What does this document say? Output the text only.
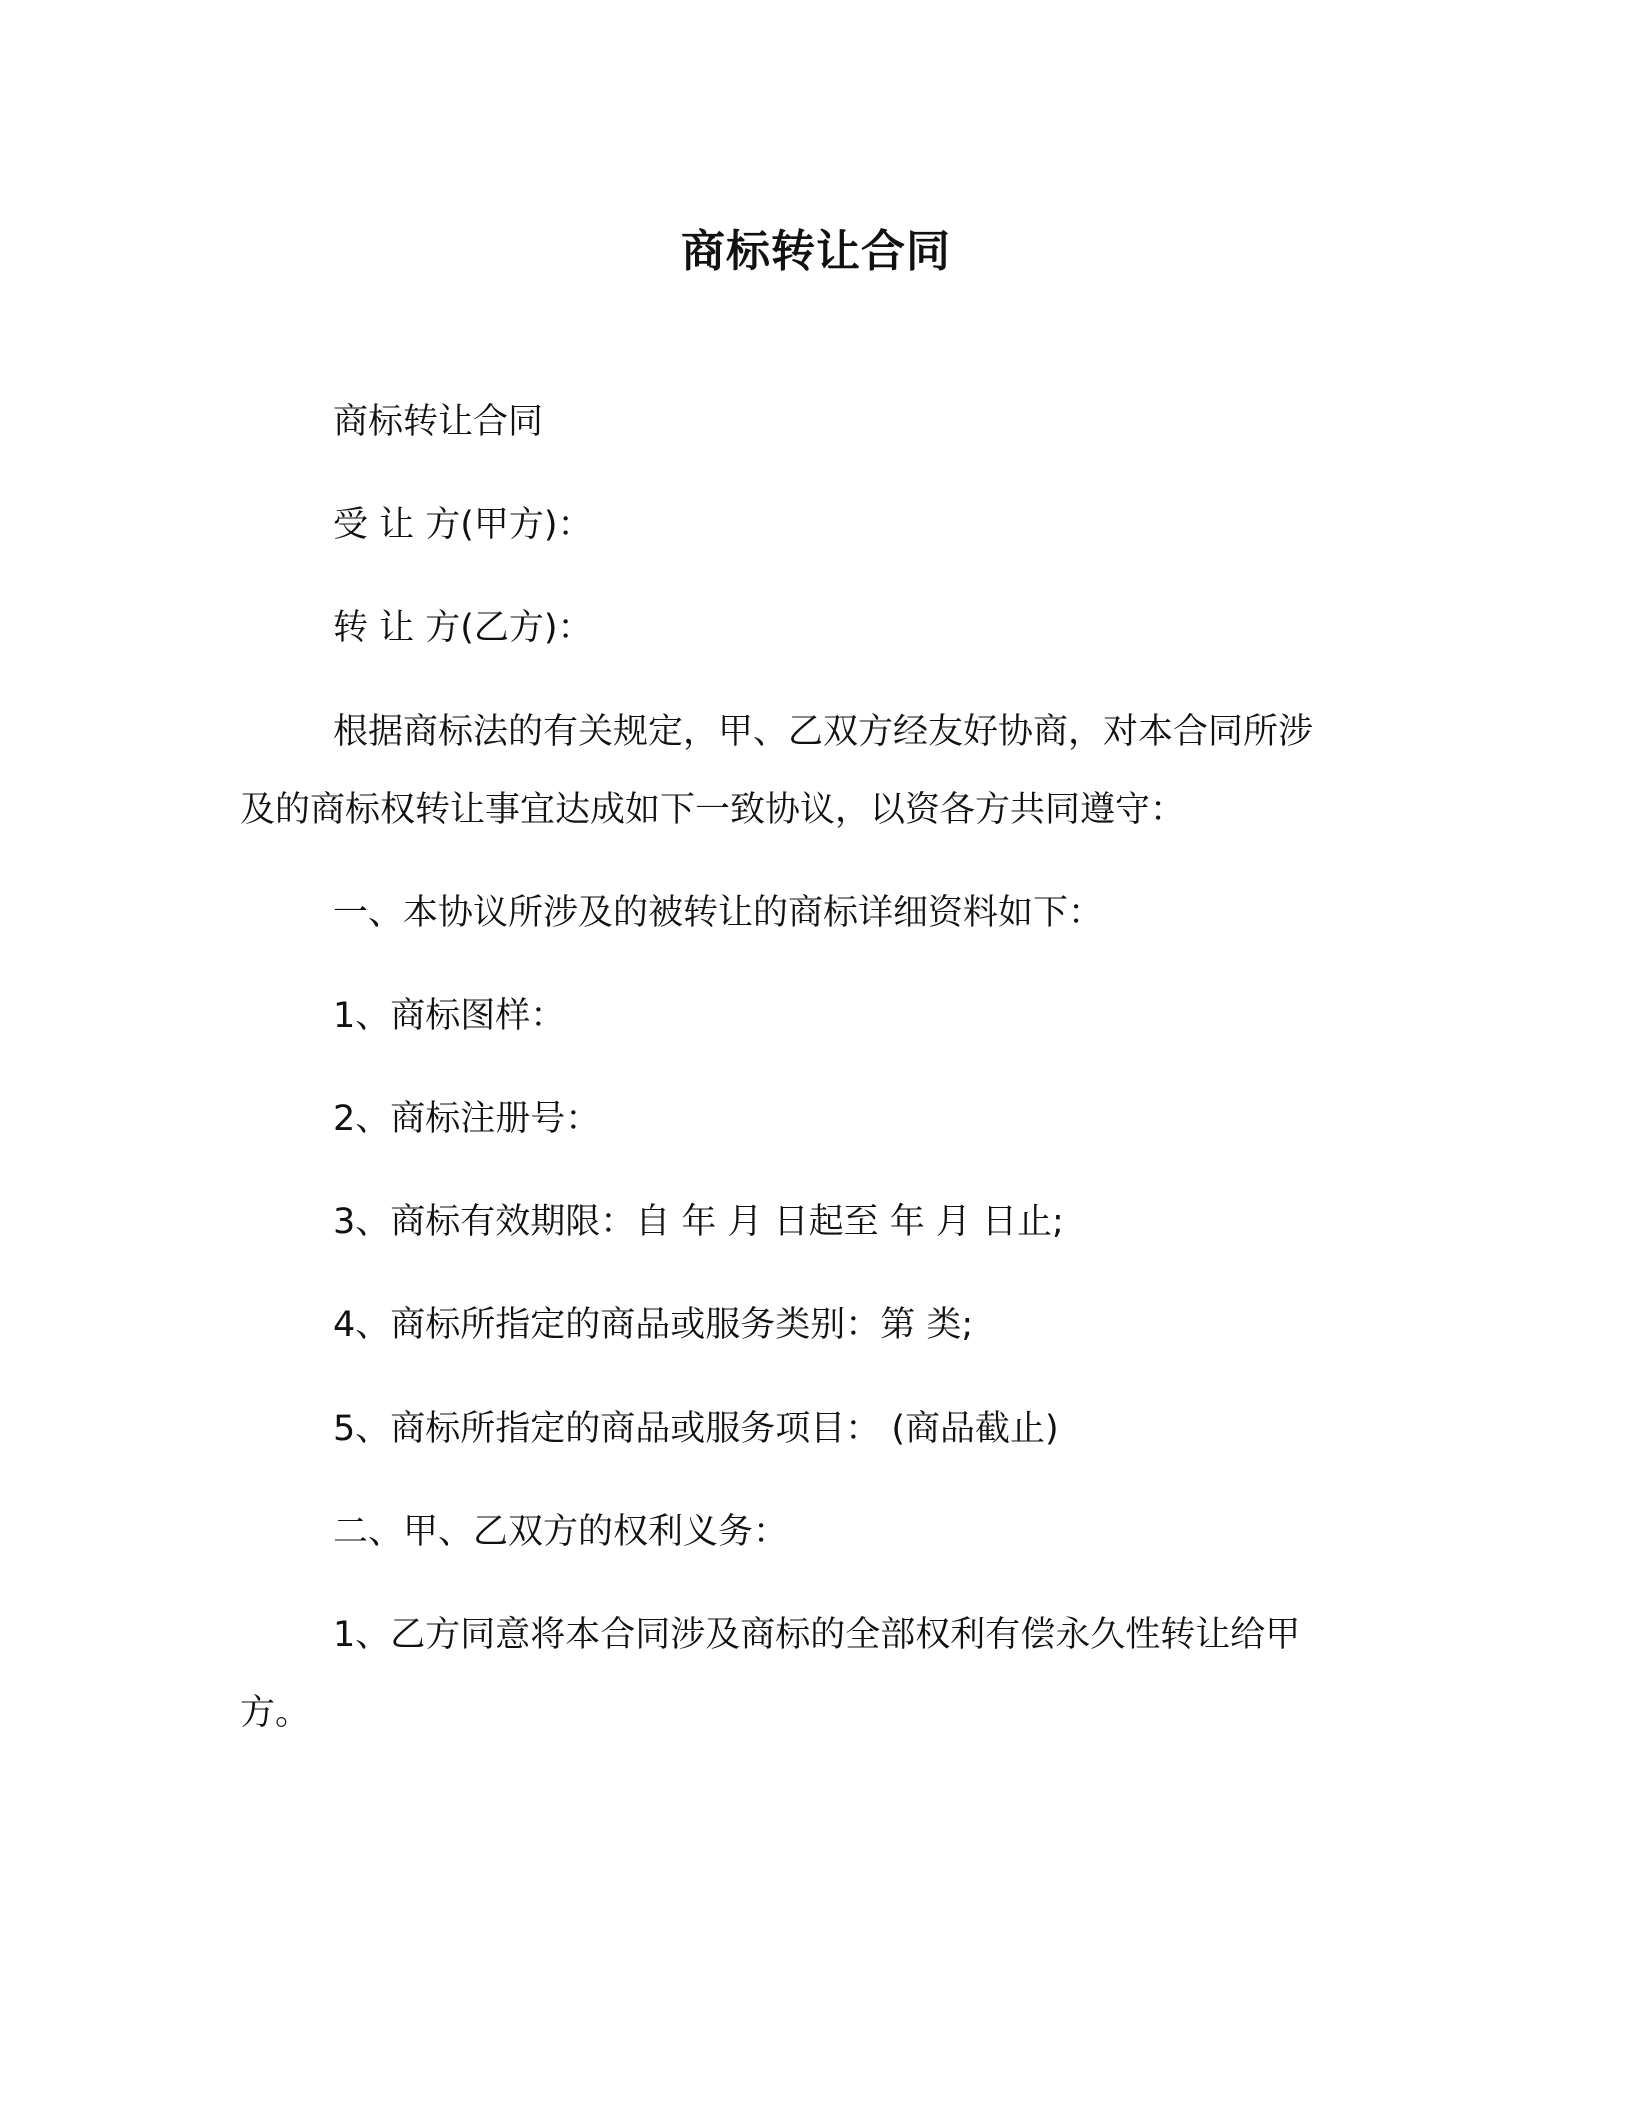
商标转让合同
商标转让合同
受 让 方(甲方)：
转 让 方(乙方)：
根据商标法的有关规定，甲、乙双方经友好协商，对本合同所涉
及的商标权转让事宜达成如下一致协议，以资各方共同遵守：
一、本协议所涉及的被转让的商标详细资料如下：
1、商标图样：
2、商标注册号：
3、商标有效期限：自 年 月 日起至 年 月 日止;
4、商标所指定的商品或服务类别：第 类;
5、商标所指定的商品或服务项目： (商品截止)
二、甲、乙双方的权利义务：
1、乙方同意将本合同涉及商标的全部权利有偿永久性转让给甲
方。
